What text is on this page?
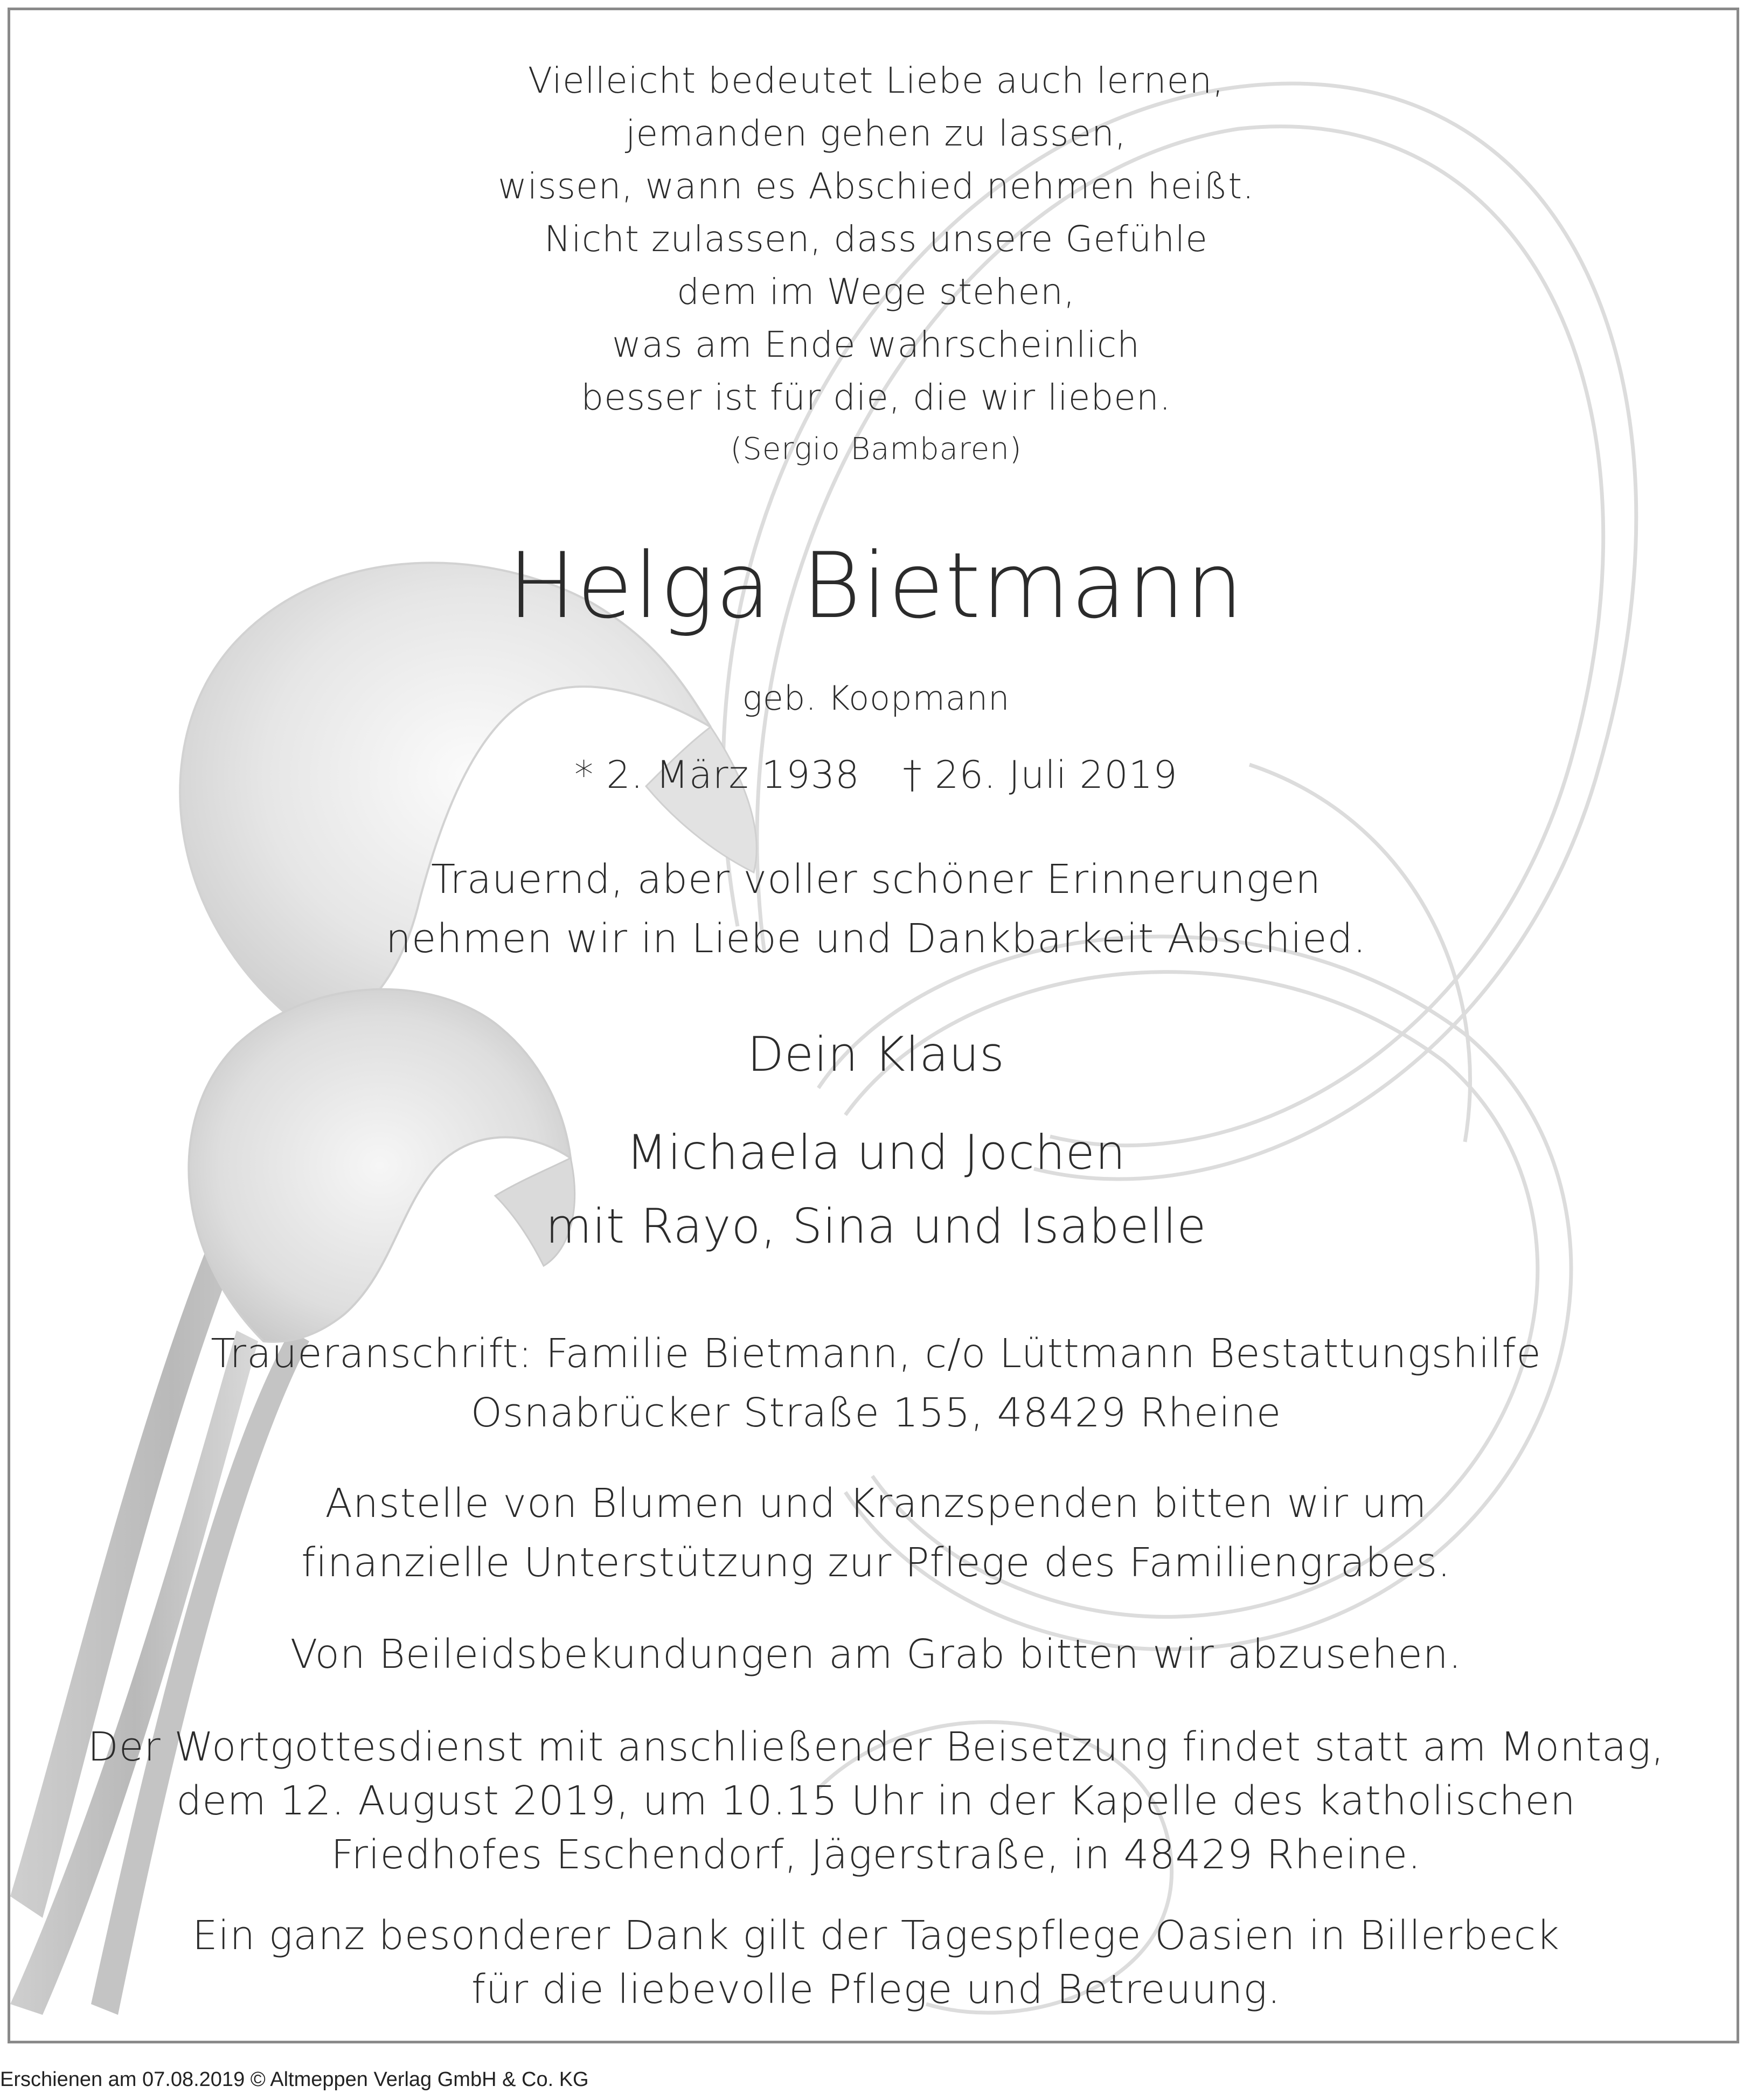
Vielleicht bedeutet Liebe auch lernen,
jemanden gehen zu lassen,
wissen, wann es Abschied nehmen heißt.
Nicht zulassen, dass unsere Gefühle
dem im Wege stehen,
was am Ende wahrscheinlich
besser ist für die, die wir lieben.
(Sergio Bambaren)
Helga Bietmann
geb. Koopmann
* 2. März 1938 † 26. Juli 2019
Trauernd, aber voller schöner Erinnerungen
nehmen wir in Liebe und Dankbarkeit Abschied.
Dein Klaus
Michaela und Jochen
mit Rayo, Sina und Isabelle
Traueranschrift: Familie Bietmann, c/o Lüttmann Bestattungshilfe
Osnabrücker Straße 155, 48429 Rheine
Anstelle von Blumen und Kranzspenden bitten wir um
finanzielle Unterstützung zur Pflege des Familiengrabes.
Von Beileidsbekundungen am Grab bitten wir abzusehen.
Der Wortgottesdienst mit anschließender Beisetzung findet statt am Montag,
dem 12. August 2019, um 10.15 Uhr in der Kapelle des katholischen
Friedhofes Eschendorf, Jägerstraße, in 48429 Rheine.
Ein ganz besonderer Dank gilt der Tagespflege Oasien in Billerbeck
für die liebevolle Pflege und Betreuung.
Erschienen am 07.08.2019 © Altmeppen Verlag GmbH & Co. KG
